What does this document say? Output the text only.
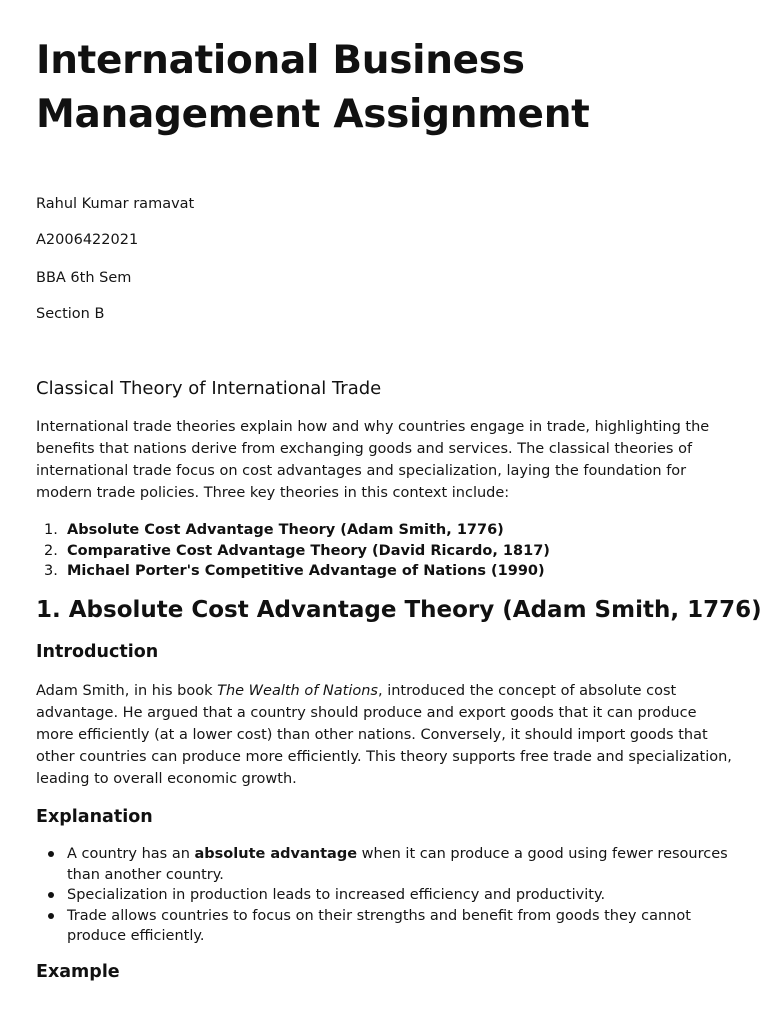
International Business
Management Assignment

Rahul Kumar ramavat

A2006422021

BBA 6th Sem

Section B

Classical Theory of International Trade

International trade theories explain how and why countries engage in trade, highlighting the benefits that nations derive from exchanging goods and services. The classical theories of international trade focus on cost advantages and specialization, laying the foundation for modern trade policies. Three key theories in this context include:

1. Absolute Cost Advantage Theory (Adam Smith, 1776)
2. Comparative Cost Advantage Theory (David Ricardo, 1817)
3. Michael Porter's Competitive Advantage of Nations (1990)
1. Absolute Cost Advantage Theory (Adam Smith, 1776)
Introduction

Adam Smith, in his book The Wealth of Nations, introduced the concept of absolute cost advantage. He argued that a country should produce and export goods that it can produce more efficiently (at a lower cost) than other nations. Conversely, it should import goods that other countries can produce more efficiently. This theory supports free trade and specialization, leading to overall economic growth.

Explanation
A country has an absolute advantage when it can produce a good using fewer resources than another country.
Specialization in production leads to increased efficiency and productivity.
Trade allows countries to focus on their strengths and benefit from goods they cannot produce efficiently.
Example
